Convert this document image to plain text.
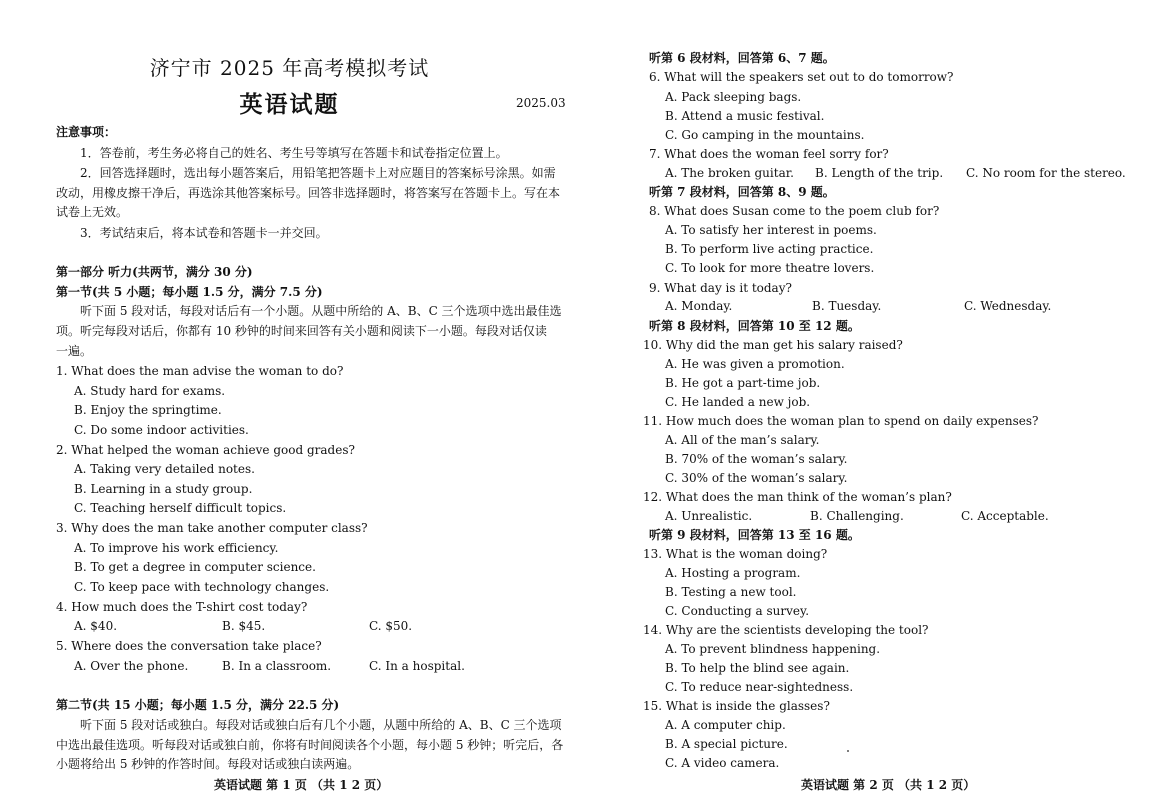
济宁市 2025 年高考模拟考试
英语试题	2025.03
注意事项：
1．答卷前，考生务必将自己的姓名、考生号等填写在答题卡和试卷指定位置上。
2．回答选择题时，选出每小题答案后，用铅笔把答题卡上对应题目的答案标号涂黑。如需
改动，用橡皮擦干净后，再选涂其他答案标号。回答非选择题时，将答案写在答题卡上。写在本
试卷上无效。
3．考试结束后，将本试卷和答题卡一并交回。
第一部分 听力(共两节，满分 30 分)
第一节(共 5 小题；每小题 1.5 分，满分 7.5 分)
听下面 5 段对话，每段对话后有一个小题。从题中所给的 A、B、C 三个选项中选出最佳选
项。听完每段对话后，你都有 10 秒钟的时间来回答有关小题和阅读下一小题。每段对话仅读
一遍。
1. What does the man advise the woman to do?
A. Study hard for exams.
B. Enjoy the springtime.
C. Do some indoor activities.
2. What helped the woman achieve good grades?
A. Taking very detailed notes.
B. Learning in a study group.
C. Teaching herself difficult topics.
3. Why does the man take another computer class?
A. To improve his work efficiency.
B. To get a degree in computer science.
C. To keep pace with technology changes.
4. How much does the T-shirt cost today?
A. $40.	B. $45.	C. $50.
5. Where does the conversation take place?
A. Over the phone.	B. In a classroom.	C. In a hospital.
第二节(共 15 小题；每小题 1.5 分，满分 22.5 分)
听下面 5 段对话或独白。每段对话或独白后有几个小题，从题中所给的 A、B、C 三个选项
中选出最佳选项。听每段对话或独白前，你将有时间阅读各个小题，每小题 5 秒钟；听完后，各
小题将给出 5 秒钟的作答时间。每段对话或独白读两遍。
英语试题 第 1 页 （共 1 2 页）
听第 6 段材料，回答第 6、7 题。
6. What will the speakers set out to do tomorrow?
A. Pack sleeping bags.
B. Attend a music festival.
C. Go camping in the mountains.
7. What does the woman feel sorry for?
A. The broken guitar. B. Length of the trip. C. No room for the stereo.
听第 7 段材料，回答第 8、9 题。
8. What does Susan come to the poem club for?
A. To satisfy her interest in poems.
B. To perform live acting practice.
C. To look for more theatre lovers.
9. What day is it today?
A. Monday.	B. Tuesday.	C. Wednesday.
听第 8 段材料，回答第 10 至 12 题。
10. Why did the man get his salary raised?
A. He was given a promotion.
B. He got a part-time job.
C. He landed a new job.
11. How much does the woman plan to spend on daily expenses?
A. All of the man’s salary.
B. 70% of the woman’s salary.
C. 30% of the woman’s salary.
12. What does the man think of the woman’s plan?
A. Unrealistic.	B. Challenging.	C. Acceptable.
听第 9 段材料，回答第 13 至 16 题。
13. What is the woman doing?
A. Hosting a program.
B. Testing a new tool.
C. Conducting a survey.
14. Why are the scientists developing the tool?
A. To prevent blindness happening.
B. To help the blind see again.
C. To reduce near-sightedness.
15. What is inside the glasses?
A. A computer chip.
B. A special picture.
C. A video camera.
英语试题 第 2 页 （共 1 2 页）
